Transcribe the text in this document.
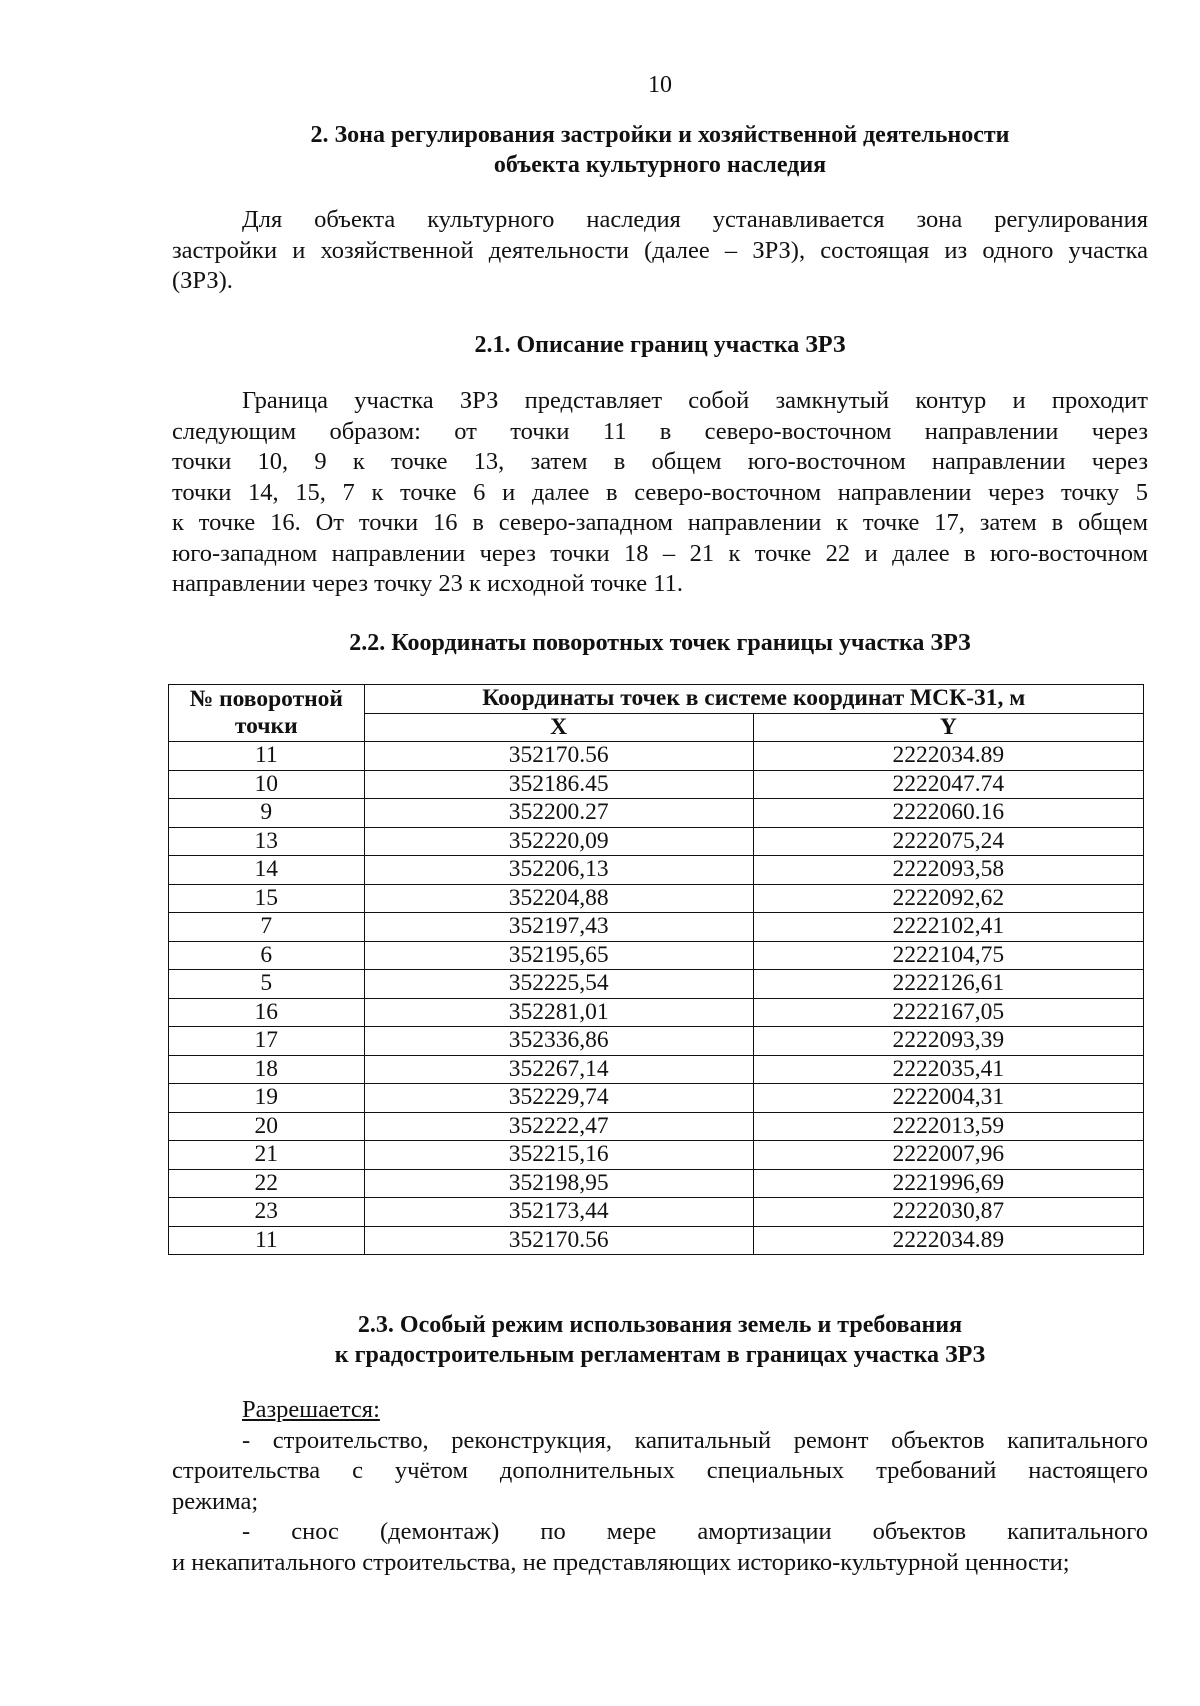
10
2. Зона регулирования застройки и хозяйственной деятельности
объекта культурного наследия
Для объекта культурного наследия устанавливается зона регулирования
застройки и хозяйственной деятельности (далее – ЗРЗ), состоящая из одного участка
(ЗРЗ).
2.1. Описание границ участка ЗРЗ
Граница участка ЗРЗ представляет собой замкнутый контур и проходит
следующим образом: от точки 11 в северо-восточном направлении через
точки 10, 9 к точке 13, затем в общем юго-восточном направлении через
точки 14, 15, 7 к точке 6 и далее в северо-восточном направлении через точку 5
к точке 16. От точки 16 в северо-западном направлении к точке 17, затем в общем
юго-западном направлении через точки 18 – 21 к точке 22 и далее в юго-восточном
направлении через точку 23 к исходной точке 11.
2.2. Координаты поворотных точек границы участка ЗРЗ
№ поворотной
точки	Координаты точек в системе координат МСК-31, м	
	X	Y
11	352170.56	2222034.89
10	352186.45	2222047.74
9	352200.27	2222060.16
13	352220,09	2222075,24
14	352206,13	2222093,58
15	352204,88	2222092,62
7	352197,43	2222102,41
6	352195,65	2222104,75
5	352225,54	2222126,61
16	352281,01	2222167,05
17	352336,86	2222093,39
18	352267,14	2222035,41
19	352229,74	2222004,31
20	352222,47	2222013,59
21	352215,16	2222007,96
22	352198,95	2221996,69
23	352173,44	2222030,87
11	352170.56	2222034.89
2.3. Особый режим использования земель и требования
к градостроительным регламентам в границах участка ЗРЗ
Разрешается:
- строительство, реконструкция, капитальный ремонт объектов капитального
строительства с учётом дополнительных специальных требований настоящего
режима;
- снос (демонтаж) по мере амортизации объектов капитального
и некапитального строительства, не представляющих историко-культурной ценности;
